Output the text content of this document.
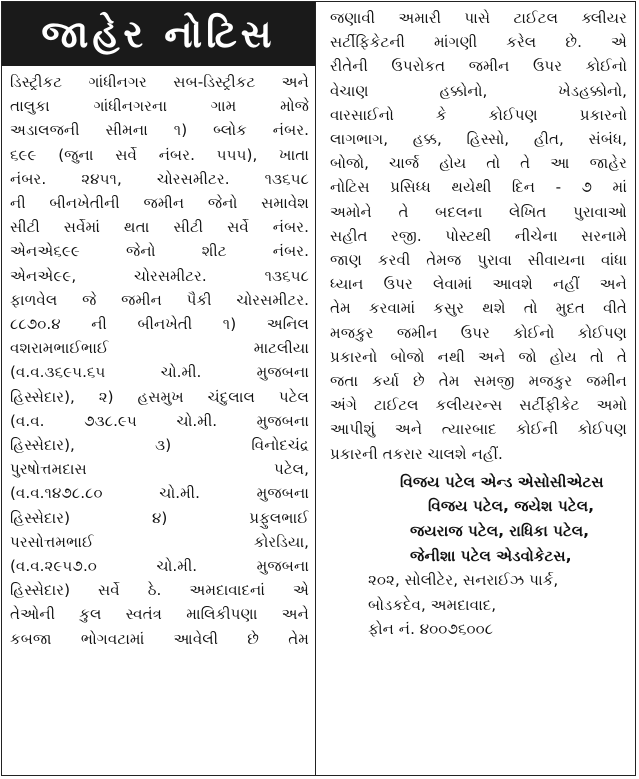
જાહેર નોટિસ
ડિસ્ટ્રીકટ ગાંધીનગર સબ-ડિસ્ટ્રીકટ અને
તાલુકા ગાંધીનગરના ગામ મોજે
અડાલજની સીમના ૧) બ્લોક નંબર.
૬૯૯ (જુના સર્વે નંબર. ૫૫૫), ખાતા
નંબર. ૨૪૫૧, ચોરસમીટર. ૧૩૬૫૮
ની બીનખેતીની જમીન જેનો સમાવેશ
સીટી સર્વેમાં થતા સીટી સર્વે નંબર.
એનએ૬૯૯ જેનો શીટ નંબર.
એનએ૯૯, ચોરસમીટર. ૧૩૬૫૮
ફાળવેલ જે જમીન પૈકી ચોરસમીટર.
૮૮૭૦.૪ ની બીનખેતી ૧) અનિલ
વશરામભાઈભાઈ માટલીયા
(વ.વ.૩૬૯૫.૬૫ ચો.મી. મુજબના
હિસ્સેદાર), ૨) હસમુખ ચંદુલાલ પટેલ
(વ.વ. ૭૩૮.૯૫ ચો.મી. મુજબના
હિસ્સેદાર), ૩) વિનોદચંદ્ર
પુરષોત્તમદાસ પટેલ,
(વ.વ.૧૪૭૮.૮૦ ચો.મી. મુજબના
હિસ્સેદાર) ૪) પ્રફુલભાઈ
પરસોત્તમભાઈ કોરડિયા,
(વ.વ.૨૯૫૭.૦ ચો.મી. મુજબના
હિસ્સેદાર) સર્વે ઠે. અમદાવાદનાં એ
તેઓની કુલ સ્વતંત્ર માલિકીપણા અને
કબજા ભોગવટામાં આવેલી છે તેમ
જણાવી અમારી પાસે ટાઈટલ ક્લીયર
સર્ટીફિકેટની માંગણી કરેલ છે. એ
રીતેની ઉપરોકત જમીન ઉપર કોઈનો
વેચાણ હક્કોનો, ખેડહક્કોનો,
વારસાઈનો કે કોઈપણ પ્રકારનો
લાગભાગ, હક્ક, હિસ્સો, હીત, સંબંધ,
બોજો, ચાર્જ હોય તો તે આ જાહેર
નોટિસ પ્રસિધ્ધ થયેથી દિન - ૭ માં
અમોને તે બદલના લેખિત પુરાવાઓ
સહીત રજી. પોસ્ટથી નીચેના સરનામે
જાણ કરવી તેમજ પુરાવા સીવાયના વાંધા
ધ્યાન ઉપર લેવામાં આવશે નહીં અને
તેમ કરવામાં કસુર થશે તો મુદત વીતે
મજકુર જમીન ઉપર કોઈનો કોઈપણ
પ્રકારનો બોજો નથી અને જો હોય તો તે
જતા કર્યા છે તેમ સમજી મજકુર જમીન
અંગે ટાઈટલ કલીયરન્સ સર્ટીફીકેટ અમો
આપીશું અને ત્યારબાદ કોઈની કોઈપણ
પ્રકારની તકરાર ચાલશે નહીં.
વિજય પટેલ એન્ડ એસોસીએટસ
વિજય પટેલ, જયેશ પટેલ,
જયરાજ પટેલ, રાધિકા પટેલ,
જેનીશા પટેલ એડવોકેટસ,
૨૦૨, સોલીટેર, સનરાઈઝ પાર્ક,
બોડકદેવ, અમદાવાદ,
ફોન નં. ૪૦૦૭૬૦૦૮
